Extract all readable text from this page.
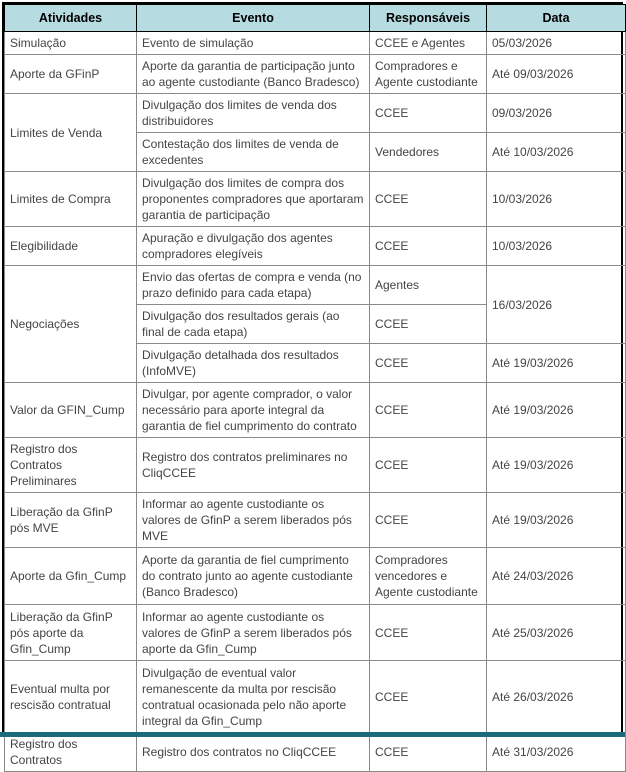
Atividades	Evento	Responsáveis	Data
Simulação	Evento de simulação	CCEE e Agentes	05/03/2026
Aporte da GFinP	Aporte da garantia de participação junto ao agente custodiante (Banco Bradesco)	Compradores e Agente custodiante	Até 09/03/2026
Limites de Venda	Divulgação dos limites de venda dos distribuidores	CCEE	09/03/2026
	Contestação dos limites de venda de excedentes	Vendedores	Até 10/03/2026
Limites de Compra	Divulgação dos limites de compra dos proponentes compradores que aportaram garantia de participação	CCEE	10/03/2026
Elegibilidade	Apuração e divulgação dos agentes compradores elegíveis	CCEE	10/03/2026
Negociações	Envio das ofertas de compra e venda (no prazo definido para cada etapa)	Agentes	16/03/2026
	Divulgação dos resultados gerais (ao final de cada etapa)	CCEE	
	Divulgação detalhada dos resultados (InfoMVE)	CCEE	Até 19/03/2026
Valor da GFIN_Cump	Divulgar, por agente comprador, o valor necessário para aporte integral da garantia de fiel cumprimento do contrato	CCEE	Até 19/03/2026
Registro dos Contratos Preliminares	Registro dos contratos preliminares no CliqCCEE	CCEE	Até 19/03/2026
Liberação da GfinP pós MVE	Informar ao agente custodiante os valores de GfinP a serem liberados pós MVE	CCEE	Até 19/03/2026
Aporte da Gfin_Cump	Aporte da garantia de fiel cumprimento do contrato junto ao agente custodiante (Banco Bradesco)	Compradores vencedores e Agente custodiante	Até 24/03/2026
Liberação da GfinP pós aporte da Gfin_Cump	Informar ao agente custodiante os valores de GfinP a serem liberados pós aporte da Gfin_Cump	CCEE	Até 25/03/2026
Eventual multa por rescisão contratual	Divulgação de eventual valor remanescente da multa por rescisão contratual ocasionada pelo não aporte integral da Gfin_Cump	CCEE	Até 26/03/2026
Registro dos Contratos	Registro dos contratos no CliqCCEE	CCEE	Até 31/03/2026
